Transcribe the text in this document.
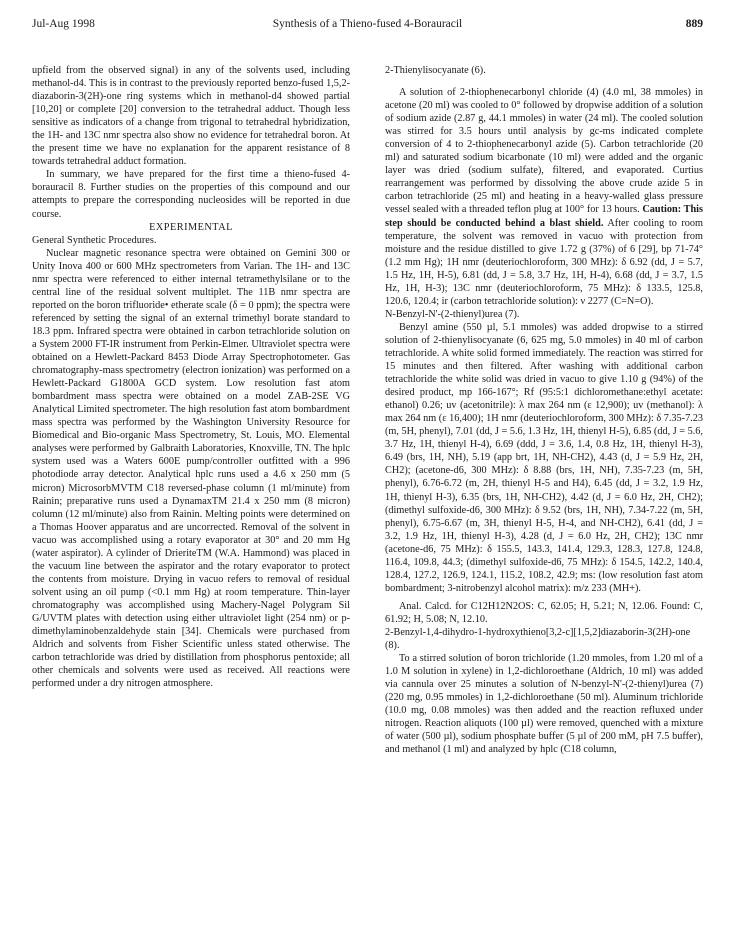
Jul-Aug 1998	Synthesis of a Thieno-fused 4-Borauracil	889

upfield from the observed signal) in any of the solvents used, including methanol-d4. This is in contrast to the previously reported benzo-fused 1,5,2-diazaborin-3(2H)-one ring systems which in methanol-d4 showed partial [10,20] or complete [20] conversion to the tetrahedral adduct. Though less sensitive as indicators of a change from trigonal to tetrahedral hybridization, the 1H- and 13C nmr spectra also show no evidence for tetrahedral boron. At the present time we have no explanation for the apparent resistance of 8 towards tetrahedral adduct formation.

In summary, we have prepared for the first time a thieno-fused 4-borauracil 8. Further studies on the properties of this compound and our attempts to prepare the corresponding nucleosides will be reported in due course.

EXPERIMENTAL

General Synthetic Procedures.

Nuclear magnetic resonance spectra were obtained on Gemini 300 or Unity Inova 400 or 600 MHz spectrometers from Varian. The 1H- and 13C nmr spectra were referenced to either internal tetramethylsilane or to the central line of the residual solvent multiplet. The 11B nmr spectra are reported on the boron trifluoride• etherate scale (δ = 0 ppm); the spectra were referenced by setting the signal of an external trimethyl borate standard to 18.3 ppm. Infrared spectra were obtained in carbon tetrachloride solution on a System 2000 FT-IR instrument from Perkin-Elmer. Ultraviolet spectra were obtained on a Hewlett-Packard 8453 Diode Array Spectrophotometer. Gas chromatography-mass spectrometry (electron ionization) was performed on a Hewlett-Packard G1800A GCD system. Low resolution fast atom bombardment mass spectra were obtained on a model ZAB-2SE VG Analytical Limited spectrometer. The high resolution fast atom bombardment mass spectra was performed by the Washington University Resource for Biomedical and Bio-organic Mass Spectrometry, St. Louis, MO. Elemental analyses were performed by Galbraith Laboratories, Knoxville, TN. The hplc system used was a Waters 600E pump/controller outfitted with a 996 photodiode array detector. Analytical hplc runs used a 4.6 x 250 mm (5 micron) MicrosorbMVTM C18 reversed-phase column (1 ml/minute) from Rainin; preparative runs used a DynamaxTM 21.4 x 250 mm (8 micron) column (12 ml/minute) also from Rainin. Melting points were determined on a Thomas Hoover apparatus and are uncorrected. Removal of the solvent in vacuo was accomplished using a rotary evaporator at 30° and 20 mm Hg (water aspirator). A cylinder of DrieriteTM (W.A. Hammond) was placed in the vacuum line between the aspirator and the rotary evaporator to protect the contents from moisture. Drying in vacuo refers to removal of residual solvent using an oil pump (<0.1 mm Hg) at room temperature. Thin-layer chromatography was accomplished using Machery-Nagel Polygram Sil G/UVTM plates with detection using either ultraviolet light (254 nm) or p-dimethylaminobenzaldehyde stain [34]. Chemicals were purchased from Aldrich and solvents from Fisher Scientific unless stated otherwise. The carbon tetrachloride was dried by distillation from phosphorus pentoxide; all other chemicals and solvents were used as received. All reactions were performed under a dry nitrogen atmosphere.

2-Thienylisocyanate (6).

A solution of 2-thiophenecarbonyl chloride (4) (4.0 ml, 38 mmoles) in acetone (20 ml) was cooled to 0° followed by dropwise addition of a solution of sodium azide (2.87 g, 44.1 mmoles) in water (24 ml). The cooled solution was stirred for 3.5 hours until analysis by gc-ms indicated complete conversion of 4 to 2-thiophenecarbonyl azide (5). Carbon tetrachloride (20 ml) and saturated sodium bicarbonate (10 ml) were added and the organic layer was dried (sodium sulfate), filtered, and evaporated. Curtius rearrangement was performed by dissolving the above crude azide 5 in carbon tetrachloride (25 ml) and heating in a heavy-walled glass pressure vessel sealed with a threaded teflon plug at 100° for 13 hours. Caution: This step should be conducted behind a blast shield. After cooling to room temperature, the solvent was removed in vacuo with protection from moisture and the residue distilled to give 1.72 g (37%) of 6 [29], bp 71-74° (1.2 mm Hg); 1H nmr (deuteriochloroform, 300 MHz): δ 6.92 (dd, J = 5.7, 1.5 Hz, 1H, H-5), 6.81 (dd, J = 5.8, 3.7 Hz, 1H, H-4), 6.68 (dd, J = 3.7, 1.5 Hz, 1H, H-3); 13C nmr (deuteriochloroform, 75 MHz): δ 133.5, 125.8, 120.6, 120.4; ir (carbon tetrachloride solution): ν 2277 (C=N=O).

N-Benzyl-N'-(2-thienyl)urea (7).

Benzyl amine (550 µl, 5.1 mmoles) was added dropwise to a stirred solution of 2-thienylisocyanate (6, 625 mg, 5.0 mmoles) in 40 ml of carbon tetrachloride. A white solid formed immediately. The reaction was stirred for 15 minutes and then filtered. After washing with additional carbon tetrachloride the white solid was dried in vacuo to give 1.10 g (94%) of the desired product, mp 166-167°; Rf (95:5:1 dichloromethane:ethyl acetate: ethanol) 0.26; uv (acetonitrile): λ max 264 nm (ε 12,900); uv (methanol): λ max 264 nm (ε 16,400); 1H nmr (deuteriochloroform, 300 MHz): δ 7.35-7.23 (m, 5H, phenyl), 7.01 (dd, J = 5.6, 1.3 Hz, 1H, thienyl H-5), 6.85 (dd, J = 5.6, 3.7 Hz, 1H, thienyl H-4), 6.69 (ddd, J = 3.6, 1.4, 0.8 Hz, 1H, thienyl H-3), 6.49 (brs, 1H, NH), 5.19 (app brt, 1H, NH-CH2), 4.43 (d, J = 5.9 Hz, 2H, CH2); (acetone-d6, 300 MHz): δ 8.88 (brs, 1H, NH), 7.35-7.23 (m, 5H, phenyl), 6.76-6.72 (m, 2H, thienyl H-5 and H4), 6.45 (dd, J = 3.2, 1.9 Hz, 1H, thienyl H-3), 6.35 (brs, 1H, NH-CH2), 4.42 (d, J = 6.0 Hz, 2H, CH2); (dimethyl sulfoxide-d6, 300 MHz): δ 9.52 (brs, 1H, NH), 7.34-7.22 (m, 5H, phenyl), 6.75-6.67 (m, 3H, thienyl H-5, H-4, and NH-CH2), 6.41 (dd, J = 3.2, 1.9 Hz, 1H, thienyl H-3), 4.28 (d, J = 6.0 Hz, 2H, CH2); 13C nmr (acetone-d6, 75 MHz): δ 155.5, 143.3, 141.4, 129.3, 128.3, 127.8, 124.8, 116.4, 109.8, 44.3; (dimethyl sulfoxide-d6, 75 MHz): δ 154.5, 142.2, 140.4, 128.4, 127.2, 126.9, 124.1, 115.2, 108.2, 42.9; ms: (low resolution fast atom bombardment; 3-nitrobenzyl alcohol matrix): m/z 233 (MH+).

Anal. Calcd. for C12H12N2OS: C, 62.05; H, 5.21; N, 12.06. Found: C, 61.92; H, 5.08; N, 12.10.

2-Benzyl-1,4-dihydro-1-hydroxythieno[3,2-c][1,5,2]diazaborin-3(2H)-one (8).

To a stirred solution of boron trichloride (1.20 mmoles, from 1.20 ml of a 1.0 M solution in xylene) in 1,2-dichloroethane (Aldrich, 10 ml) was added via cannula over 25 minutes a solution of N-benzyl-N'-(2-thienyl)urea (7) (220 mg, 0.95 mmoles) in 1,2-dichloroethane (50 ml). Aluminum trichloride (10.0 mg, 0.08 mmoles) was then added and the reaction refluxed under nitrogen. Reaction aliquots (100 µl) were removed, quenched with a mixture of water (500 µl), sodium phosphate buffer (5 µl of 200 mM, pH 7.5 buffer), and methanol (1 ml) and analyzed by hplc (C18 column,
